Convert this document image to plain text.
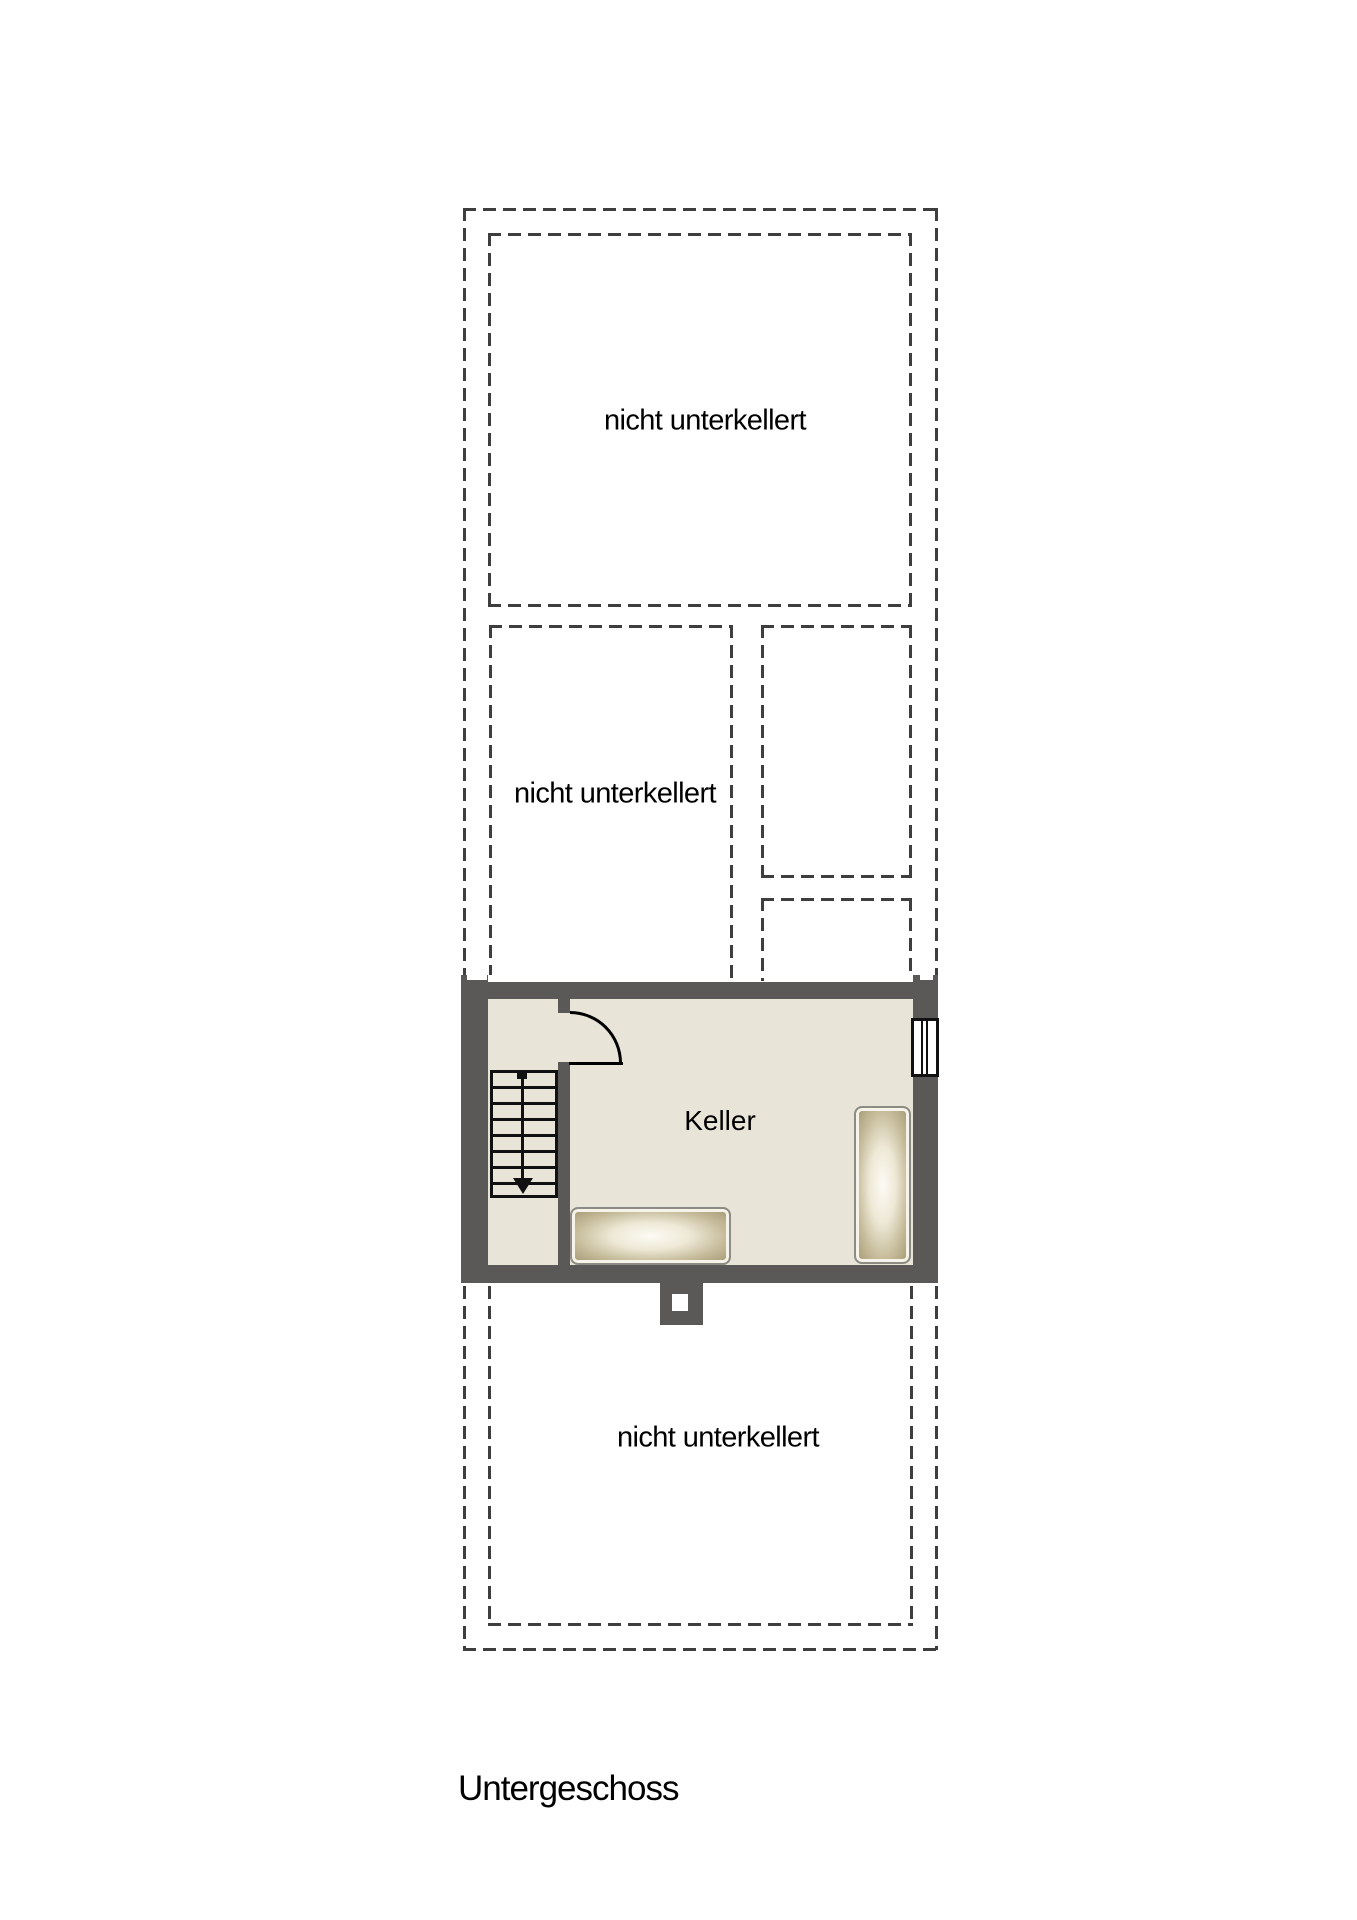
Keller
nicht unterkellert
nicht unterkellert
nicht unterkellert
Untergeschoss
